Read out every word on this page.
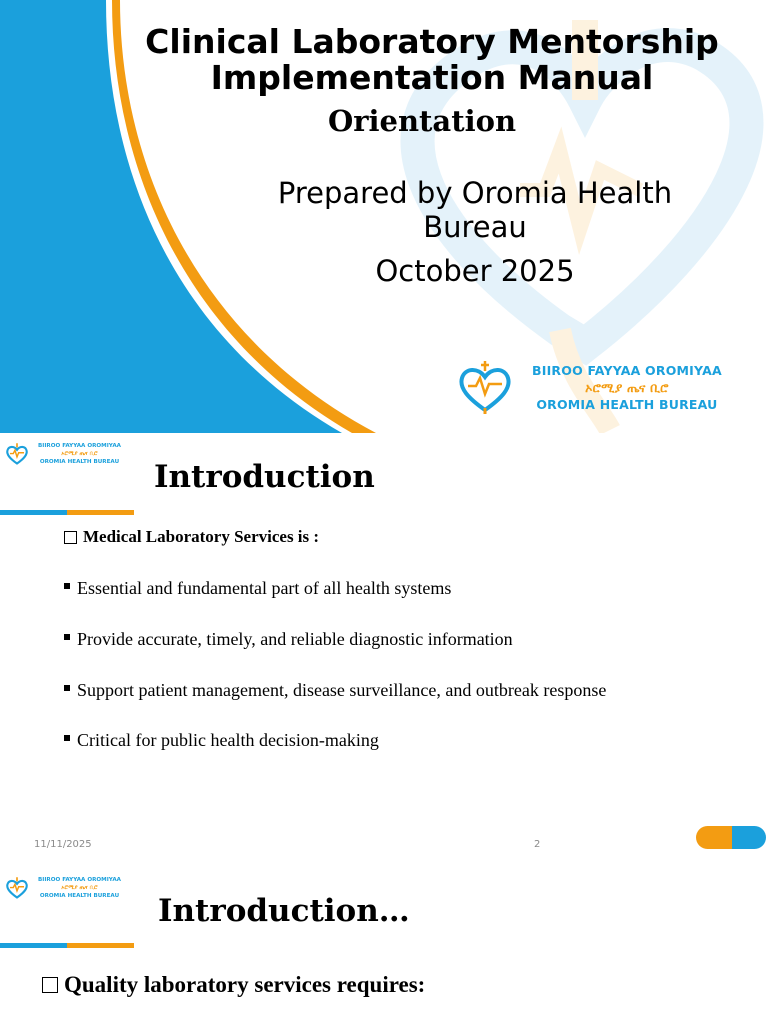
Clinical Laboratory Mentorship
Implementation Manual
Orientation
Prepared by Oromia Health
Bureau
October 2025
BIIROO FAYYAA OROMIYAA
ኦሮሚያ ጤና ቢሮ
OROMIA HEALTH BUREAU
BIIROO FAYYAA OROMIYAA
ኦሮሚያ ጤና ቢሮ
OROMIA HEALTH BUREAU Introduction
Medical Laboratory Services is :
Essential and fundamental part of all health systems
Provide accurate, timely, and reliable diagnostic information
Support patient management, disease surveillance, and outbreak response
Critical for public health decision-making
11/11/2025	2
BIIROO FAYYAA OROMIYAA
ኦሮሚያ ጤና ቢሮ
OROMIA HEALTH BUREAU Introduction…
Quality laboratory services requires:
